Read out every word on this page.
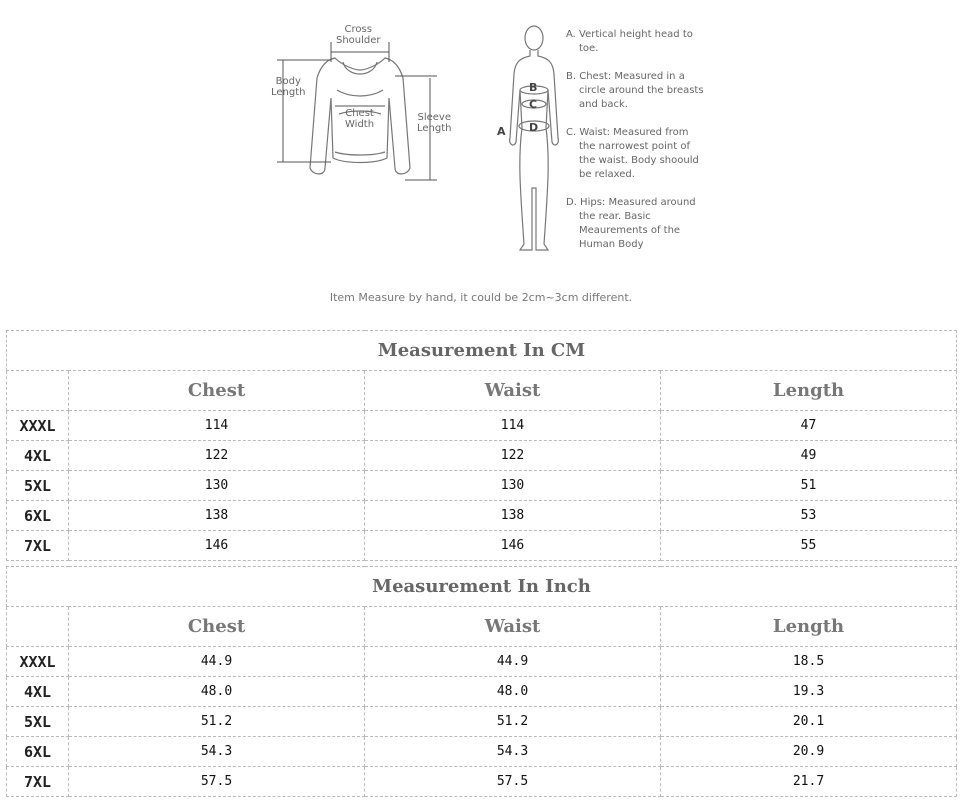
Cross
Shoulder
Body
Length
Chest
Width
Sleeve
Length	A
B
C
D
A. Vertical height head to toe.
B. Chest: Measured in a circle around the breasts and back.
C. Waist: Measured from the narrowest point of the waist. Body shoould be relaxed.
D. Hips: Measured around the rear. Basic Meaurements of the Human Body
Item Measure by hand, it could be 2cm~3cm different.
Measurement In CM			
	Chest	Waist	Length
XXXL	114	114	47
4XL	122	122	49
5XL	130	130	51
6XL	138	138	53
7XL	146	146	55
Measurement In Inch			
	Chest	Waist	Length
XXXL	44.9	44.9	18.5
4XL	48.0	48.0	19.3
5XL	51.2	51.2	20.1
6XL	54.3	54.3	20.9
7XL	57.5	57.5	21.7
